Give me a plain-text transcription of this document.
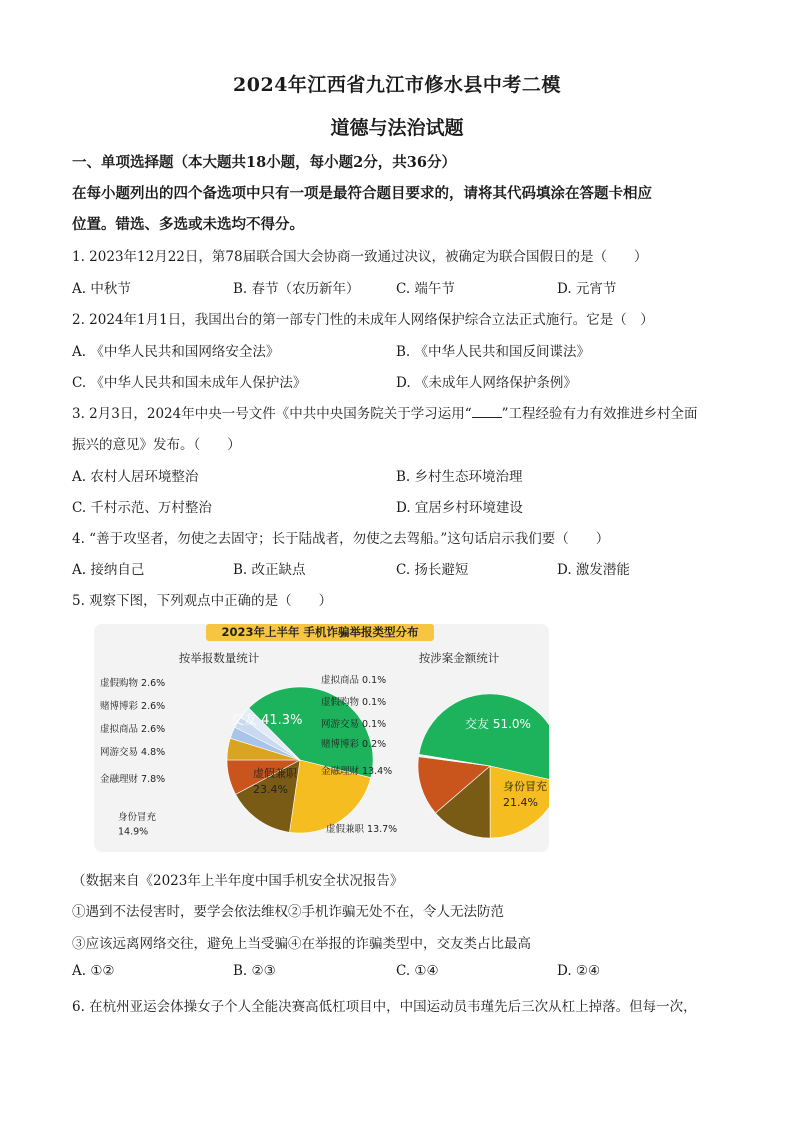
2024年江西省九江市修水县中考二模
道德与法治试题
一、单项选择题（本大题共18小题，每小题2分，共36分）
在每小题列出的四个备选项中只有一项是最符合题目要求的，请将其代码填涂在答题卡相应
位置。错选、多选或未选均不得分。
1. 2023年12月22日，第78届联合国大会协商一致通过决议，被确定为联合国假日的是（　　）
A. 中秋节	B. 春节（农历新年）	C. 端午节	D. 元宵节
2. 2024年1月1日，我国出台的第一部专门性的未成年人网络保护综合立法正式施行。它是（　）
A. 《中华人民共和国网络安全法》	B. 《中华人民共和国反间谍法》
C. 《中华人民共和国未成年人保护法》	D. 《未成年人网络保护条例》
3. 2月3日，2024年中央一号文件《中共中央国务院关于学习运用“ ”工程经验有力有效推进乡村全面
振兴的意见》发布。（　　）
A. 农村人居环境整治	B. 乡村生态环境治理
C. 千村示范、万村整治	D. 宜居乡村环境建设
4. “善于攻坚者，勿使之去固守；长于陆战者，勿使之去驾船。”这句话启示我们要（　　）
A. 接纳自己	B. 改正缺点	C. 扬长避短	D. 激发潜能
5. 观察下图，下列观点中正确的是（　　）
2023年上半年 手机诈骗举报类型分布
按举报数量统计
交友 41.3%
虚假兼职 23.4%
身份冒充 14.9%
金融理财 7.8%
网游交易 4.8%
虚拟商品 2.6%
赌博博彩 2.6%
虚假购物 2.6%
按涉案金额统计
交友 51.0%
身份冒充 21.4%
虚假兼职 13.7%
金融理财 13.4%
赌博博彩 0.2%
网游交易 0.1%
虚假购物 0.1%
虚拟商品 0.1%
（数据来自《2023年上半年度中国手机安全状况报告》
①遇到不法侵害时，要学会依法维权②手机诈骗无处不在，令人无法防范
③应该远离网络交往，避免上当受骗④在举报的诈骗类型中，交友类占比最高
A. ①②	B. ②③	C. ①④	D. ②④
6. 在杭州亚运会体操女子个人全能决赛高低杠项目中，中国运动员韦瑾先后三次从杠上掉落。但每一次，
